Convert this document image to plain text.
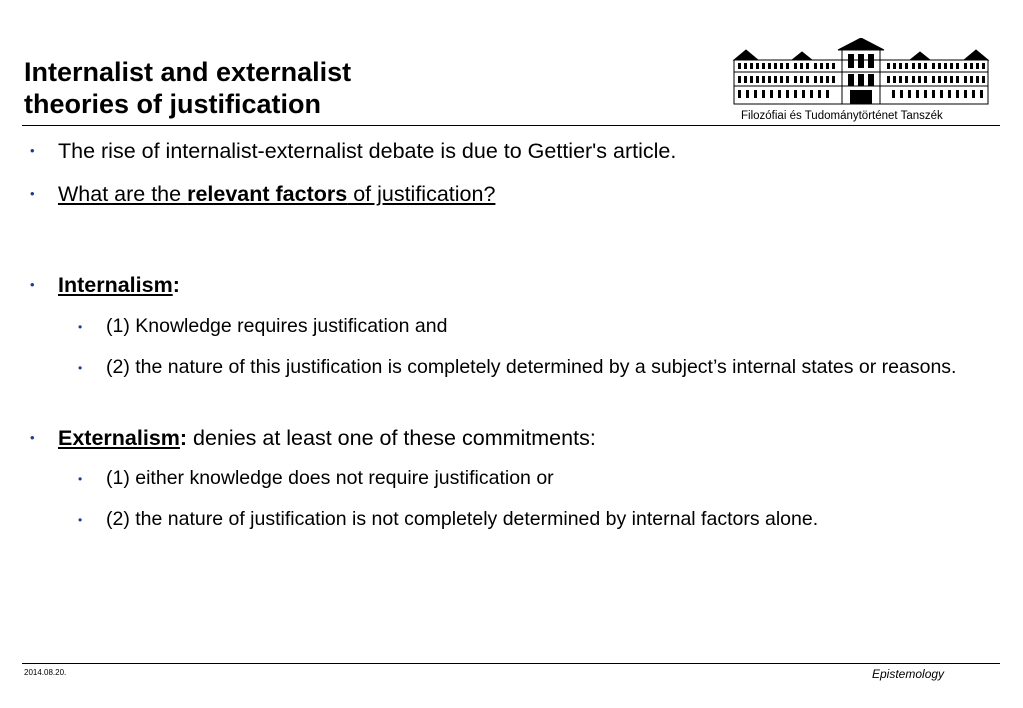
Internalist and externalist
theories of justification	Filozófiai és Tudománytörténet Tanszék
• The rise of internalist-externalist debate is due to Gettier's article.
• What are the relevant factors of justification?
• Internalism:
• (1) Knowledge requires justification and
• (2) the nature of this justification is completely determined by a subject’s internal states or reasons.
• Externalism: denies at least one of these commitments:
• (1) either knowledge does not require justification or
• (2) the nature of justification is not completely determined by internal factors alone.
2014.08.20.	Epistemology
